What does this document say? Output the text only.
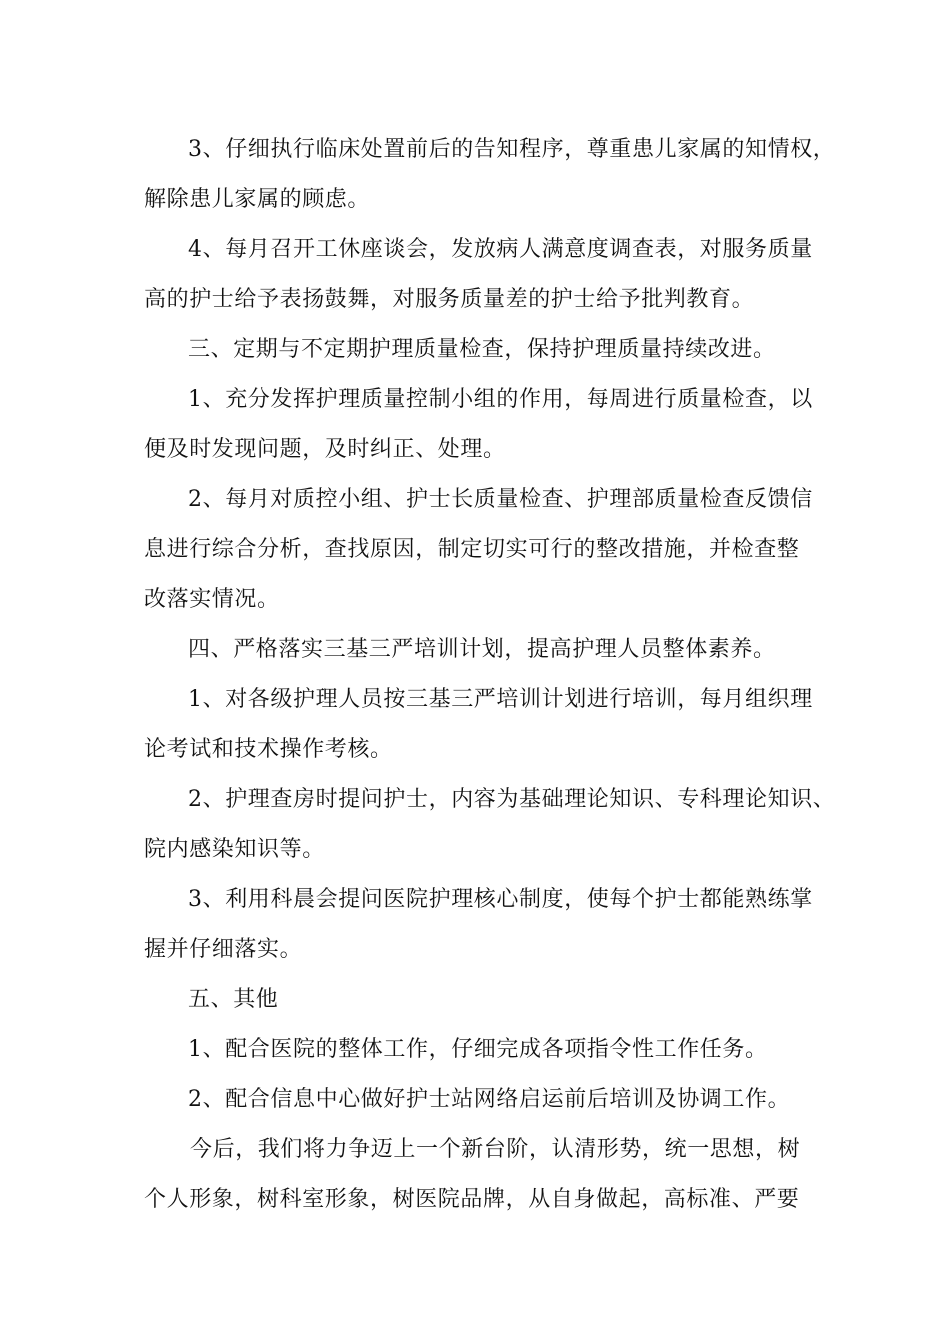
3、仔细执行临床处置前后的告知程序，尊重患儿家属的知情权，
解除患儿家属的顾虑。
4、每月召开工休座谈会，发放病人满意度调查表，对服务质量
高的护士给予表扬鼓舞，对服务质量差的护士给予批判教育。
三、定期与不定期护理质量检查，保持护理质量持续改进。
1、充分发挥护理质量控制小组的作用，每周进行质量检查，以
便及时发现问题，及时纠正、处理。
2、每月对质控小组、护士长质量检查、护理部质量检查反馈信
息进行综合分析，查找原因，制定切实可行的整改措施，并检查整
改落实情况。
四、严格落实三基三严培训计划，提高护理人员整体素养。
1、对各级护理人员按三基三严培训计划进行培训，每月组织理
论考试和技术操作考核。
2、护理查房时提问护士，内容为基础理论知识、专科理论知识、
院内感染知识等。
3、利用科晨会提问医院护理核心制度，使每个护士都能熟练掌
握并仔细落实。
五、其他
1、配合医院的整体工作，仔细完成各项指令性工作任务。
2、配合信息中心做好护士站网络启运前后培训及协调工作。
今后，我们将力争迈上一个新台阶，认清形势，统一思想，树
个人形象，树科室形象，树医院品牌，从自身做起，高标准、严要
